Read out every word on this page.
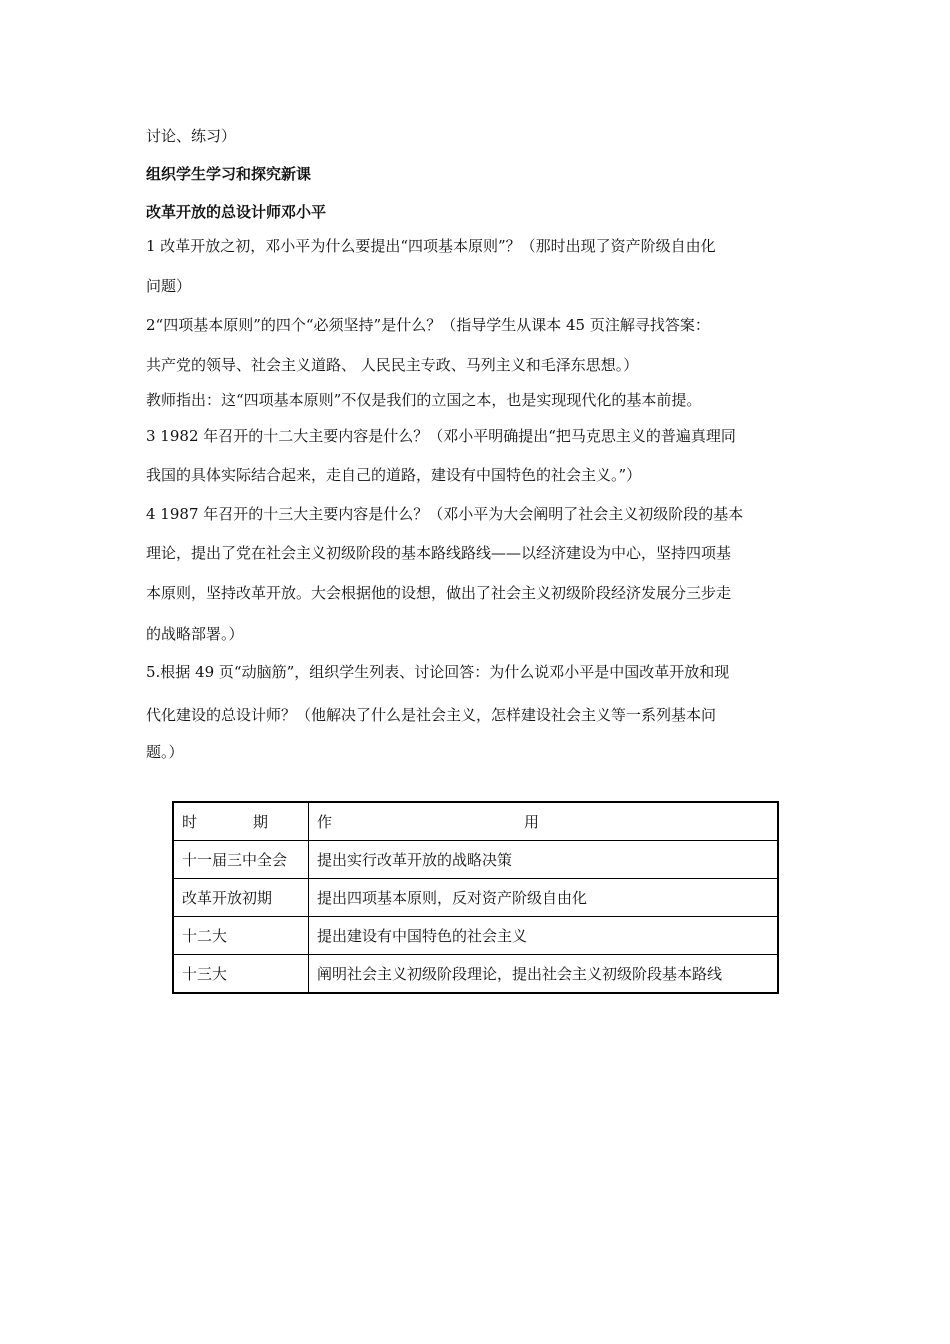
讨论、练习）

组织学生学习和探究新课

改革开放的总设计师邓小平

1 改革开放之初，邓小平为什么要提出“四项基本原则”？（那时出现了资产阶级自由化

问题）

2“四项基本原则”的四个“必须坚持”是什么？（指导学生从课本 45 页注解寻找答案：

共产党的领导、社会主义道路、 人民民主专政、马列主义和毛泽东思想。）

教师指出：这“四项基本原则”不仅是我们的立国之本，也是实现现代化的基本前提。

3 1982 年召开的十二大主要内容是什么？（邓小平明确提出“把马克思主义的普遍真理同

我国的具体实际结合起来，走自己的道路，建设有中国特色的社会主义。”）

4 1987 年召开的十三大主要内容是什么？（邓小平为大会阐明了社会主义初级阶段的基本

理论，提出了党在社会主义初级阶段的基本路线路线——以经济建设为中心，坚持四项基

本原则，坚持改革开放。大会根据他的设想，做出了社会主义初级阶段经济发展分三步走

的战略部署。）

5.根据 49 页“动脑筋”，组织学生列表、讨论回答：为什么说邓小平是中国改革开放和现

代化建设的总设计师？（他解决了什么是社会主义，怎样建设社会主义等一系列基本问

题。）

时 期	作 用

十一届三中全会	提出实行改革开放的战略决策
改革开放初期	提出四项基本原则，反对资产阶级自由化
十二大	提出建设有中国特色的社会主义
十三大	阐明社会主义初级阶段理论，提出社会主义初级阶段基本路线
